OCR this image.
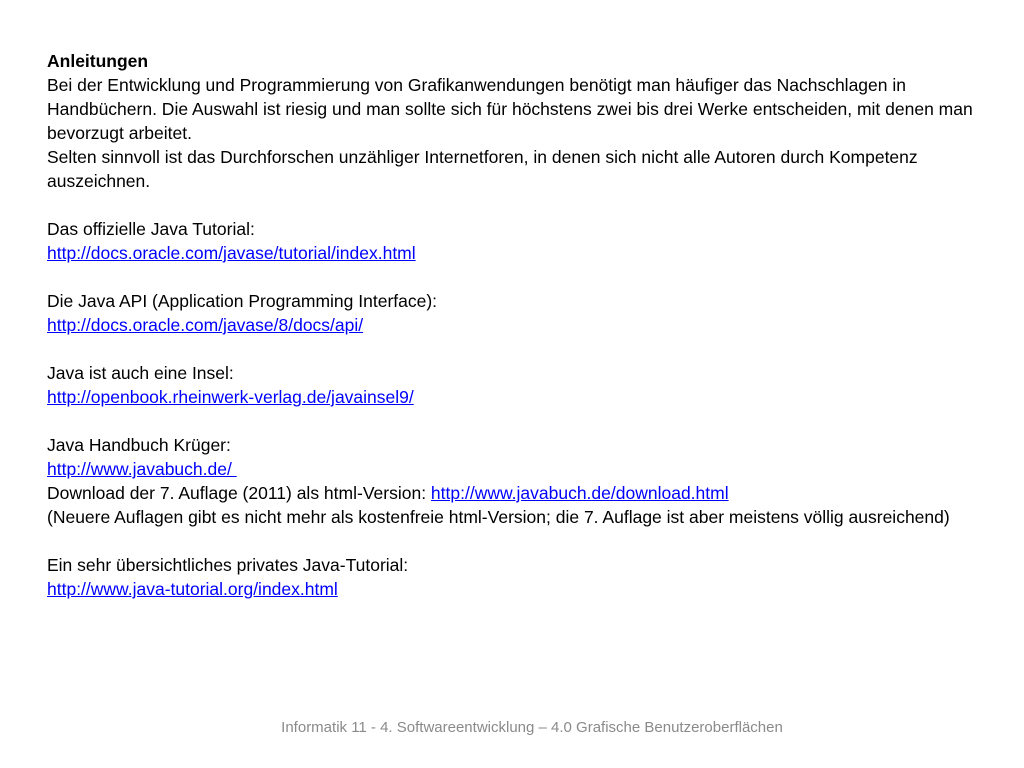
Anleitungen

Bei der Entwicklung und Programmierung von Grafikanwendungen benötigt man häufiger das Nachschlagen in Handbüchern. Die Auswahl ist riesig und man sollte sich für höchstens zwei bis drei Werke entscheiden, mit denen man bevorzugt arbeitet.

Selten sinnvoll ist das Durchforschen unzähliger Internetforen, in denen sich nicht alle Autoren durch Kompetenz auszeichnen.

Das offizielle Java Tutorial:
http://docs.oracle.com/javase/tutorial/index.html
Die Java API (Application Programming Interface):
http://docs.oracle.com/javase/8/docs/api/
Java ist auch eine Insel:
http://openbook.rheinwerk-verlag.de/javainsel9/
Java Handbuch Krüger:
http://www.javabuch.de/
Download der 7. Auflage (2011) als html-Version: http://www.javabuch.de/download.html

(Neuere Auflagen gibt es nicht mehr als kostenfreie html-Version; die 7. Auflage ist aber meistens völlig ausreichend)

Ein sehr übersichtliches privates Java-Tutorial:
http://www.java-tutorial.org/index.html
Informatik 11 - 4. Softwareentwicklung – 4.0 Grafische Benutzeroberflächen
